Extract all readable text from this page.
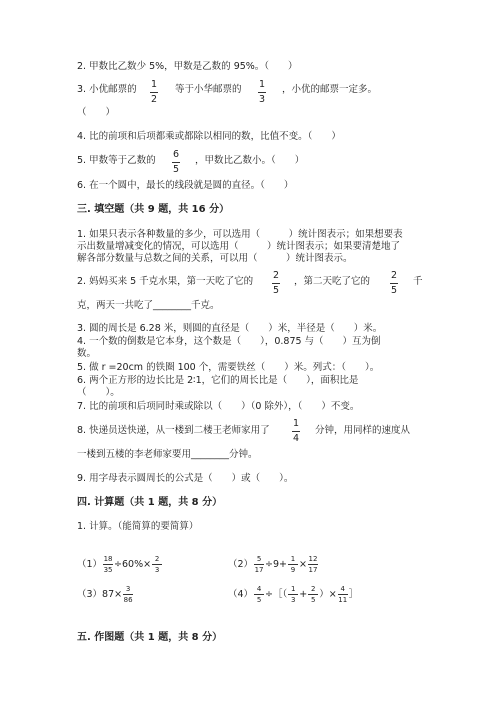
2. 甲数比乙数少 5%，甲数是乙数的 95%。（　　）
3. 小优邮票的 1
2
等于小华邮票的 1
3
，小优的邮票一定多。
（　　）
4. 比的前项和后项都乘或都除以相同的数，比值不变。（　　）
5. 甲数等于乙数的
6
5
，甲数比乙数小。（　　）
6. 在一个圆中，最长的线段就是圆的直径。（　　）
三. 填空题（共 9 题，共 16 分）
1. 如果只表示各种数量的多少，可以选用（　　　）统计图表示；如果想要表
示出数量增减变化的情况，可以选用（　　　）统计图表示；如果要清楚地了
解各部分数量与总数之间的关系，可以用（　　　）统计图表示。
2. 妈妈买来 5 千克水果，第一天吃了它的
2
5
，第二天吃了它的
2
5
千
克，两天一共吃了________千克。
3. 圆的周长是 6.28 米，则圆的直径是（　　）米，半径是（　　）米。
4. 一个数的倒数是它本身，这个数是（　　），0.875 与（　　）互为倒
数。
5. 做 r =20cm 的铁圈 100 个，需要铁丝（　　）米。列式：（　　）。
6. 两个正方形的边长比是 2∶1，它们的周长比是（　　），面积比是
（　　）。
7. 比的前项和后项同时乘或除以（　　）（0 除外），（　　）不变。
8. 快递员送快递，从一楼到二楼王老师家用了
1
4
分钟，用同样的速度从
一楼到五楼的李老师家要用________分钟。
9. 用字母表示圆周长的公式是（　　）或（　　）。
四. 计算题（共 1 题，共 8 分）
1. 计算。（能简算的要简算）
$(1) \frac{18}{35} \div 60\%\times \frac{2}{3}$	$(2) \frac{5}{17} \div 9+ \frac{1}{9} \times \frac{12}{17}$
$(3)87\times \frac{3}{86}$	$(4) \frac{4}{5}$ ÷［（ $\frac{1}{3} + \frac{2}{5}$ ）× $\frac{4}{11}$ ］
五. 作图题（共 1 题，共 8 分）
